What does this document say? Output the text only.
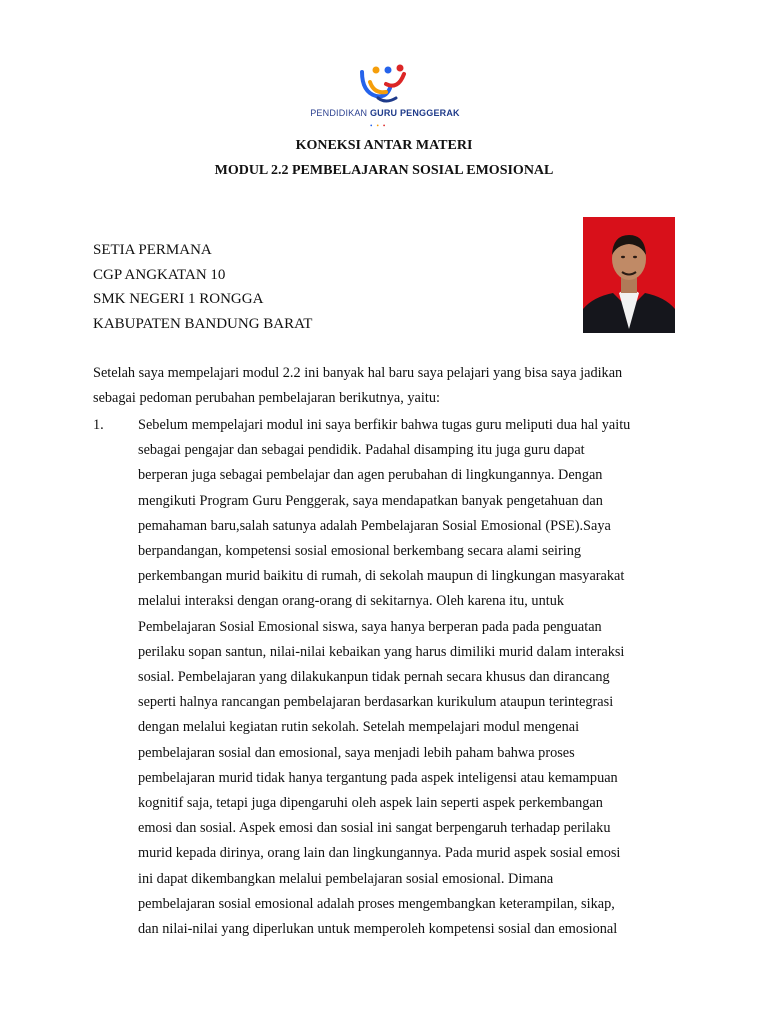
PENDIDIKAN GURU PENGGERAK
•••
KONEKSI ANTAR MATERI
MODUL 2.2 PEMBELAJARAN SOSIAL EMOSIONAL
SETIA PERMANA
CGP ANGKATAN 10
SMK NEGERI 1 RONGGA
KABUPATEN BANDUNG BARAT
Setelah saya mempelajari modul 2.2 ini banyak hal baru saya pelajari yang bisa saya jadikan
sebagai pedoman perubahan pembelajaran berikutnya, yaitu:
1. Sebelum mempelajari modul ini saya berfikir bahwa tugas guru meliputi dua hal yaitu
sebagai pengajar dan sebagai pendidik. Padahal disamping itu juga guru dapat
berperan juga sebagai pembelajar dan agen perubahan di lingkungannya. Dengan
mengikuti Program Guru Penggerak, saya mendapatkan banyak pengetahuan dan
pemahaman baru,salah satunya adalah Pembelajaran Sosial Emosional (PSE).Saya
berpandangan, kompetensi sosial emosional berkembang secara alami seiring
perkembangan murid baikitu di rumah, di sekolah maupun di lingkungan masyarakat
melalui interaksi dengan orang-orang di sekitarnya. Oleh karena itu, untuk
Pembelajaran Sosial Emosional siswa, saya hanya berperan pada pada penguatan
perilaku sopan santun, nilai-nilai kebaikan yang harus dimiliki murid dalam interaksi
sosial. Pembelajaran yang dilakukanpun tidak pernah secara khusus dan dirancang
seperti halnya rancangan pembelajaran berdasarkan kurikulum ataupun terintegrasi
dengan melalui kegiatan rutin sekolah. Setelah mempelajari modul mengenai
pembelajaran sosial dan emosional, saya menjadi lebih paham bahwa proses
pembelajaran murid tidak hanya tergantung pada aspek inteligensi atau kemampuan
kognitif saja, tetapi juga dipengaruhi oleh aspek lain seperti aspek perkembangan
emosi dan sosial. Aspek emosi dan sosial ini sangat berpengaruh terhadap perilaku
murid kepada dirinya, orang lain dan lingkungannya. Pada murid aspek sosial emosi
ini dapat dikembangkan melalui pembelajaran sosial emosional. Dimana
pembelajaran sosial emosional adalah proses mengembangkan keterampilan, sikap,
dan nilai-nilai yang diperlukan untuk memperoleh kompetensi sosial dan emosional
